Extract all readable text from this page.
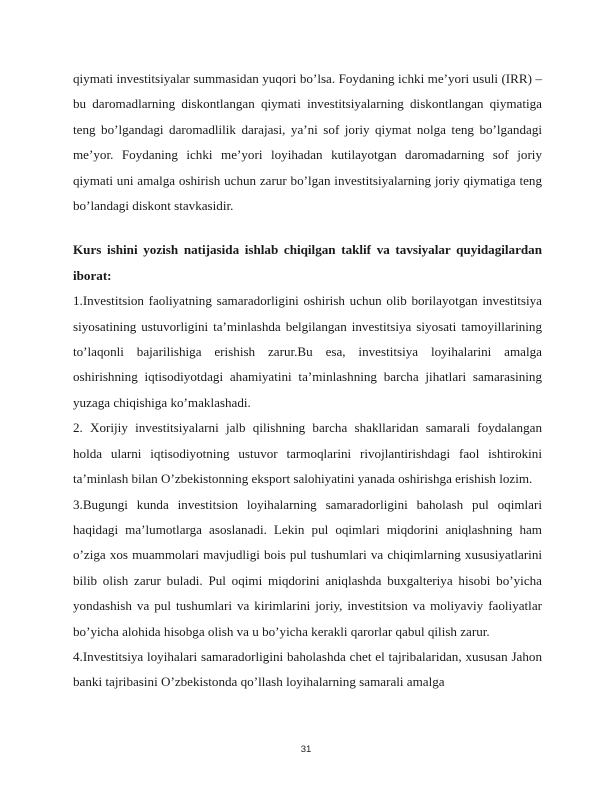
qiymati investitsiyalar summasidan yuqori bo’lsa. Foydaning ichki me’yori usuli (IRR) – bu daromadlarning diskontlangan qiymati investitsiyalarning diskontlangan qiymatiga teng bo’lgandagi daromadlilik darajasi, ya’ni sof joriy qiymat nolga teng bo’lgandagi me’yor. Foydaning ichki me’yori loyihadan kutilayotgan daromadarning sof joriy qiymati uni amalga oshirish uchun zarur bo’lgan investitsiyalarning joriy qiymatiga teng bo’landagi diskont stavkasidir.

Kurs ishini yozish natijasida ishlab chiqilgan taklif va tavsiyalar quyidagilardan iborat:

1.Investitsion faoliyatning samaradorligini oshirish uchun olib borilayotgan investitsiya siyosatining ustuvorligini ta’minlashda belgilangan investitsiya siyosati tamoyillarining to’laqonli bajarilishiga erishish zarur.Bu esa, investitsiya loyihalarini amalga oshirishning iqtisodiyotdagi ahamiyatini ta’minlashning barcha jihatlari samarasining yuzaga chiqishiga ko’maklashadi.

2. Xorijiy investitsiyalarni jalb qilishning barcha shakllaridan samarali foydalangan holda ularni iqtisodiyotning ustuvor tarmoqlarini rivojlantirishdagi faol ishtirokini ta’minlash bilan O’zbekistonning eksport salohiyatini yanada oshirishga erishish lozim.

3.Bugungi kunda investitsion loyihalarning samaradorligini baholash pul oqimlari haqidagi ma’lumotlarga asoslanadi. Lekin pul oqimlari miqdorini aniqlashning ham o’ziga xos muammolari mavjudligi bois pul tushumlari va chiqimlarning xususiyatlarini bilib olish zarur buladi. Pul oqimi miqdorini aniqlashda buxgalteriya hisobi bo’yicha yondashish va pul tushumlari va kirimlarini joriy, investitsion va moliyaviy faoliyatlar bo’yicha alohida hisobga olish va u bo’yicha kerakli qarorlar qabul qilish zarur.

4.Investitsiya loyihalari samaradorligini baholashda chet el tajribalaridan, xususan Jahon banki tajribasini O’zbekistonda qo’llash loyihalarning samarali amalga

31
